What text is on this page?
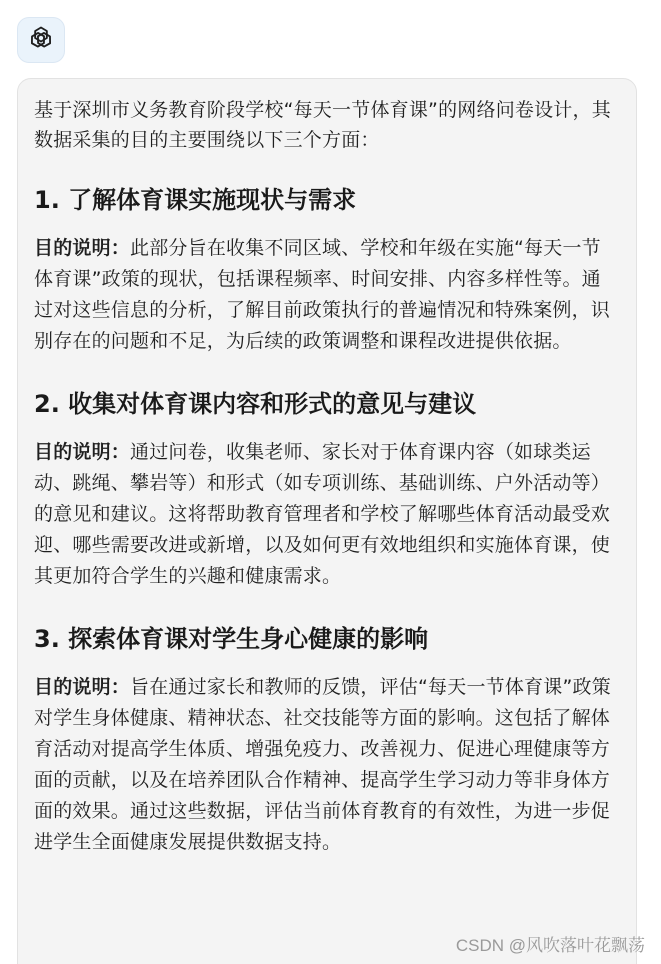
基于深圳市义务教育阶段学校“每天一节体育课”的网络问卷设计，其数据采集的目的主要围绕以下三个方面：

1. 了解体育课实施现状与需求

目的说明：此部分旨在收集不同区域、学校和年级在实施“每天一节体育课”政策的现状，包括课程频率、时间安排、内容多样性等。通过对这些信息的分析，了解目前政策执行的普遍情况和特殊案例，识别存在的问题和不足，为后续的政策调整和课程改进提供依据。

2. 收集对体育课内容和形式的意见与建议

目的说明：通过问卷，收集老师、家长对于体育课内容（如球类运动、跳绳、攀岩等）和形式（如专项训练、基础训练、户外活动等）的意见和建议。这将帮助教育管理者和学校了解哪些体育活动最受欢迎、哪些需要改进或新增，以及如何更有效地组织和实施体育课，使其更加符合学生的兴趣和健康需求。

3. 探索体育课对学生身心健康的影响

目的说明：旨在通过家长和教师的反馈，评估“每天一节体育课”政策对学生身体健康、精神状态、社交技能等方面的影响。这包括了解体育活动对提高学生体质、增强免疫力、改善视力、促进心理健康等方面的贡献，以及在培养团队合作精神、提高学生学习动力等非身体方面的效果。通过这些数据，评估当前体育教育的有效性，为进一步促进学生全面健康发展提供数据支持。

CSDN @风吹落叶花飘荡
